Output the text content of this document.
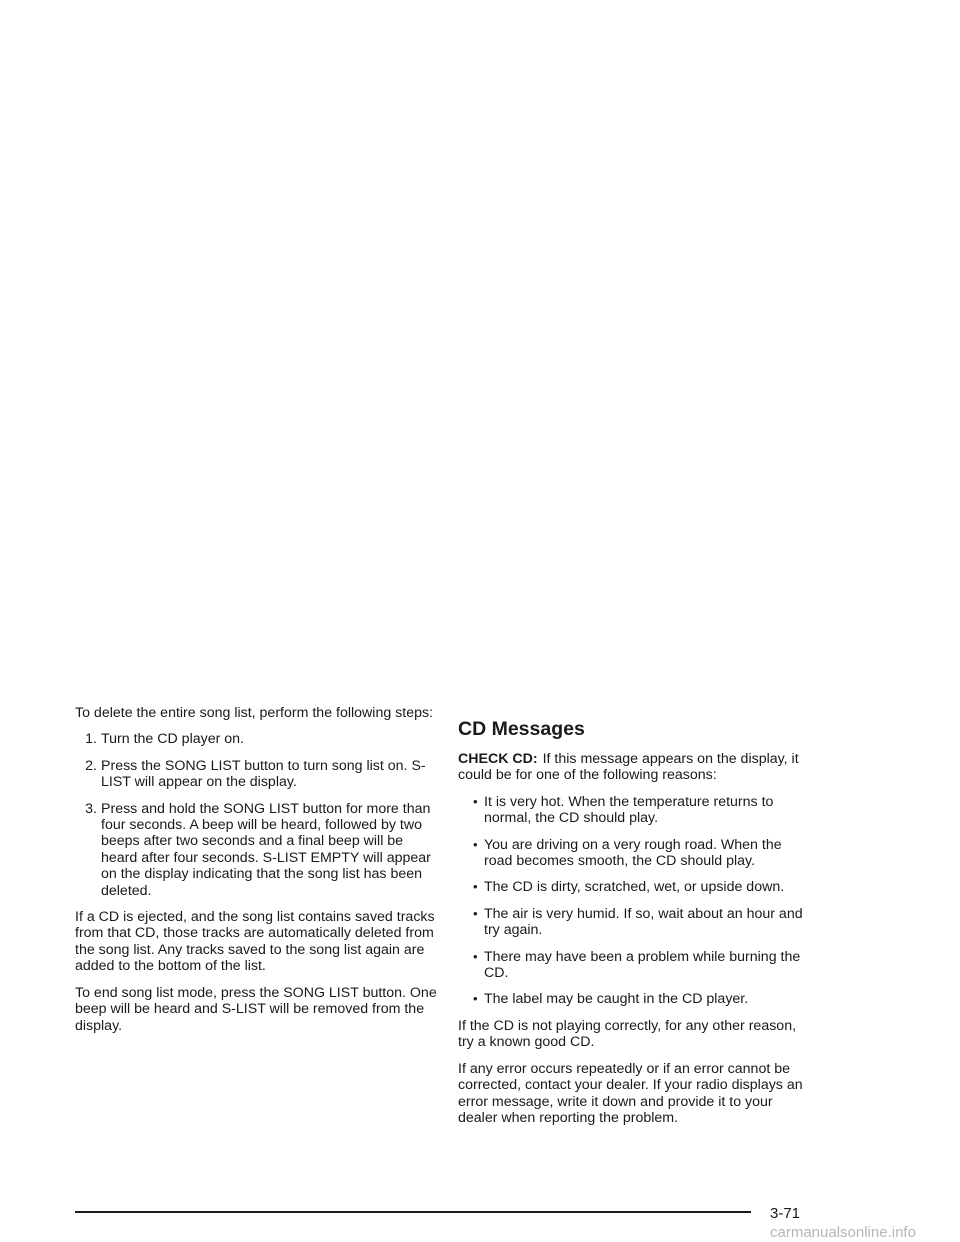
To delete the entire song list, perform the following steps:

1. Turn the CD player on.
2. Press the SONG LIST button to turn song list on. S-LIST will appear on the display.
3. Press and hold the SONG LIST button for more than four seconds. A beep will be heard, followed by two beeps after two seconds and a final beep will be heard after four seconds. S-LIST EMPTY will appear on the display indicating that the song list has been deleted.

If a CD is ejected, and the song list contains saved tracks from that CD, those tracks are automatically deleted from the song list. Any tracks saved to the song list again are added to the bottom of the list.

To end song list mode, press the SONG LIST button. One beep will be heard and S-LIST will be removed from the display.

CD Messages

CHECK CD: If this message appears on the display, it could be for one of the following reasons:

• It is very hot. When the temperature returns to normal, the CD should play.
• You are driving on a very rough road. When the road becomes smooth, the CD should play.
• The CD is dirty, scratched, wet, or upside down.
• The air is very humid. If so, wait about an hour and try again.
• There may have been a problem while burning the CD.
• The label may be caught in the CD player.

If the CD is not playing correctly, for any other reason, try a known good CD.

If any error occurs repeatedly or if an error cannot be corrected, contact your dealer. If your radio displays an error message, write it down and provide it to your dealer when reporting the problem.

3-71
carmanualsonline.info
